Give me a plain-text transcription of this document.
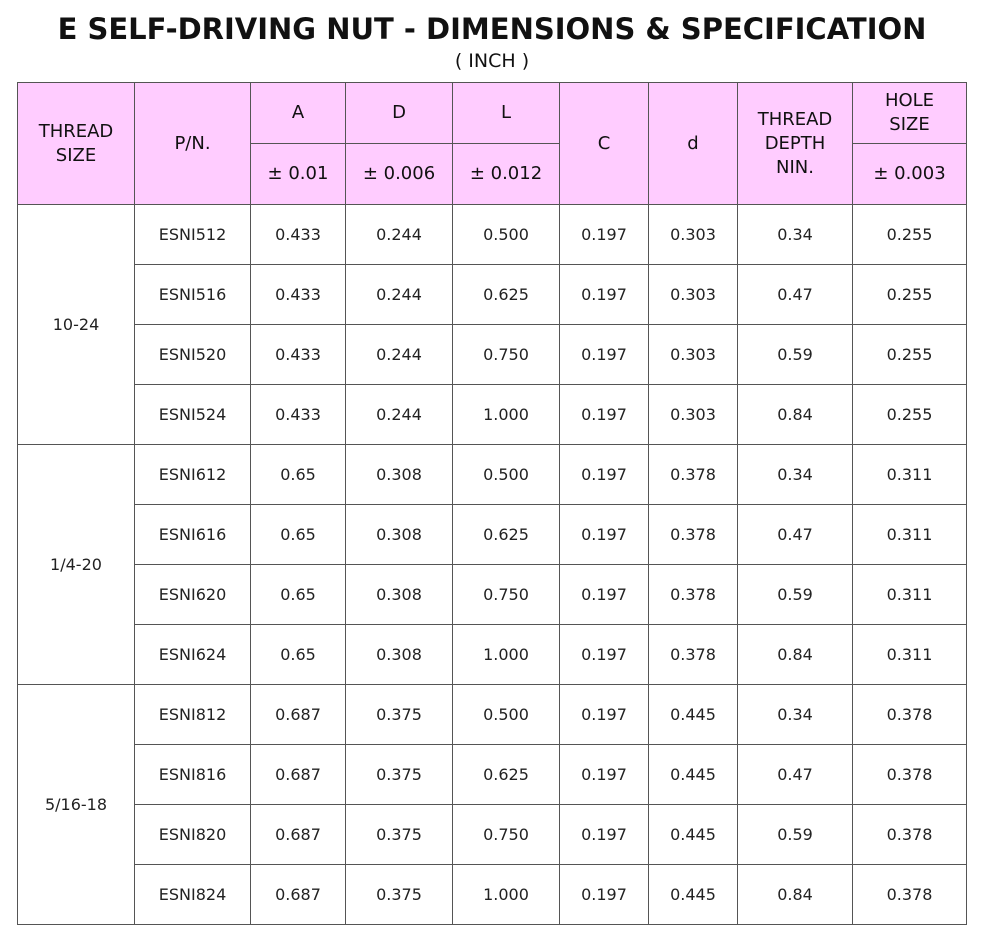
E SELF-DRIVING NUT - DIMENSIONS & SPECIFICATION
( INCH )
THREAD SIZE	P/N.	A	D	L	C	d	THREAD DEPTH NIN.	HOLE SIZE
		± 0.01	± 0.006	± 0.012				± 0.003
10-24	ESNI512	0.433	0.244	0.500	0.197	0.303	0.34	0.255
	ESNI516	0.433	0.244	0.625	0.197	0.303	0.47	0.255
	ESNI520	0.433	0.244	0.750	0.197	0.303	0.59	0.255
	ESNI524	0.433	0.244	1.000	0.197	0.303	0.84	0.255
1/4-20	ESNI612	0.65	0.308	0.500	0.197	0.378	0.34	0.311
	ESNI616	0.65	0.308	0.625	0.197	0.378	0.47	0.311
	ESNI620	0.65	0.308	0.750	0.197	0.378	0.59	0.311
	ESNI624	0.65	0.308	1.000	0.197	0.378	0.84	0.311
5/16-18	ESNI812	0.687	0.375	0.500	0.197	0.445	0.34	0.378
	ESNI816	0.687	0.375	0.625	0.197	0.445	0.47	0.378
	ESNI820	0.687	0.375	0.750	0.197	0.445	0.59	0.378
	ESNI824	0.687	0.375	1.000	0.197	0.445	0.84	0.378
